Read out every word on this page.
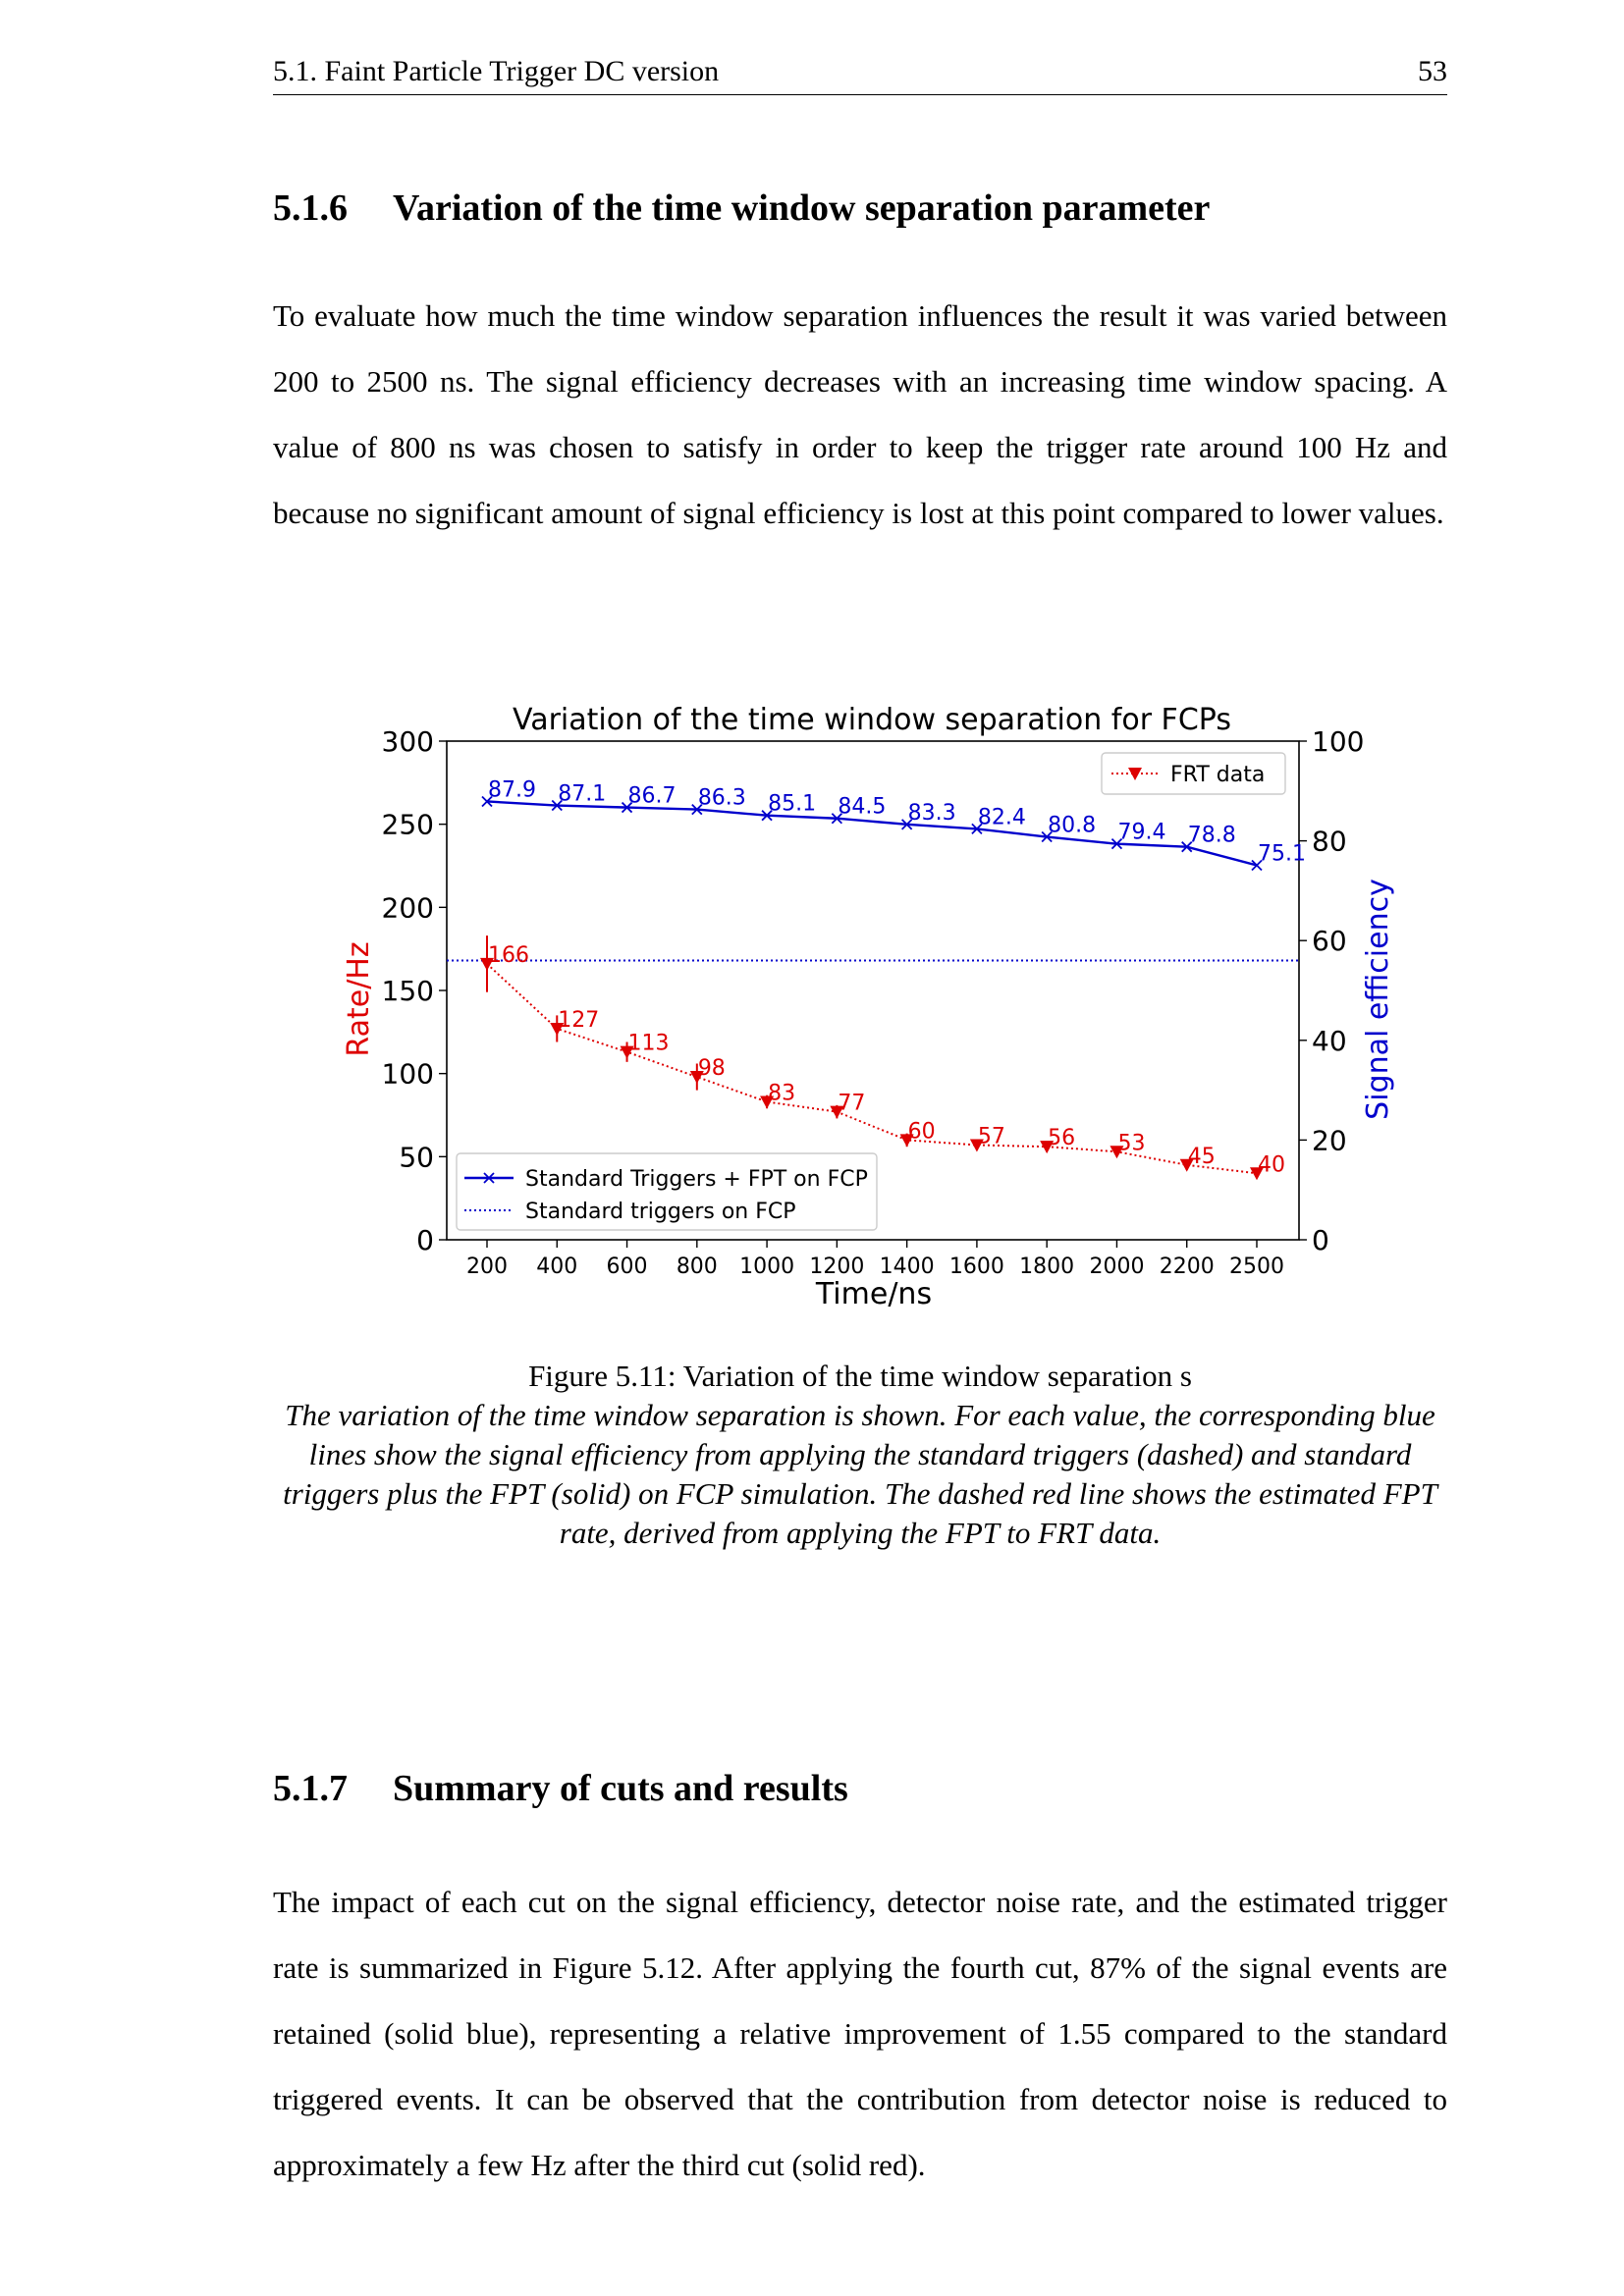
5.1. Faint Particle Trigger DC version	53
5.1.6 Variation of the time window separation parameter

To evaluate how much the time window separation influences the result it was varied between 200 to 2500 ns. The signal efficiency decreases with an increasing time window spacing. A value of 800 ns was chosen to satisfy in order to keep the trigger rate around 100 Hz and because no significant amount of signal efficiency is lost at this point compared to lower values.

0
50
100
150
200
250
300
0
20
40
60
80
100
200 400 600 800 1000 1200 1400 1600 1800 2000 2200 2500
87.9 87.1 86.7 86.3 85.1 84.5 83.3 82.4 80.8 79.4 78.8
75.1
166
127
113
98
83 77
60 57 56 53
45 40
FRT data
Standard Triggers + FPT on FCP
Standard triggers on FCP
Variation of the time window separation for FCPs
Time/ns
Rate/Hz	Signal efficiency
Figure 5.11: Variation of the time window separation s
The variation of the time window separation is shown. For each value, the corresponding blue lines show the signal efficiency from applying the standard triggers (dashed) and standard triggers plus the FPT (solid) on FCP simulation. The dashed red line shows the estimated FPT rate, derived from applying the FPT to FRT data.
5.1.7 Summary of cuts and results

The impact of each cut on the signal efficiency, detector noise rate, and the estimated trigger rate is summarized in Figure 5.12. After applying the fourth cut, 87% of the signal events are retained (solid blue), representing a relative improvement of 1.55 compared to the standard triggered events. It can be observed that the contribution from detector noise is reduced to approximately a few Hz after the third cut (solid red).
